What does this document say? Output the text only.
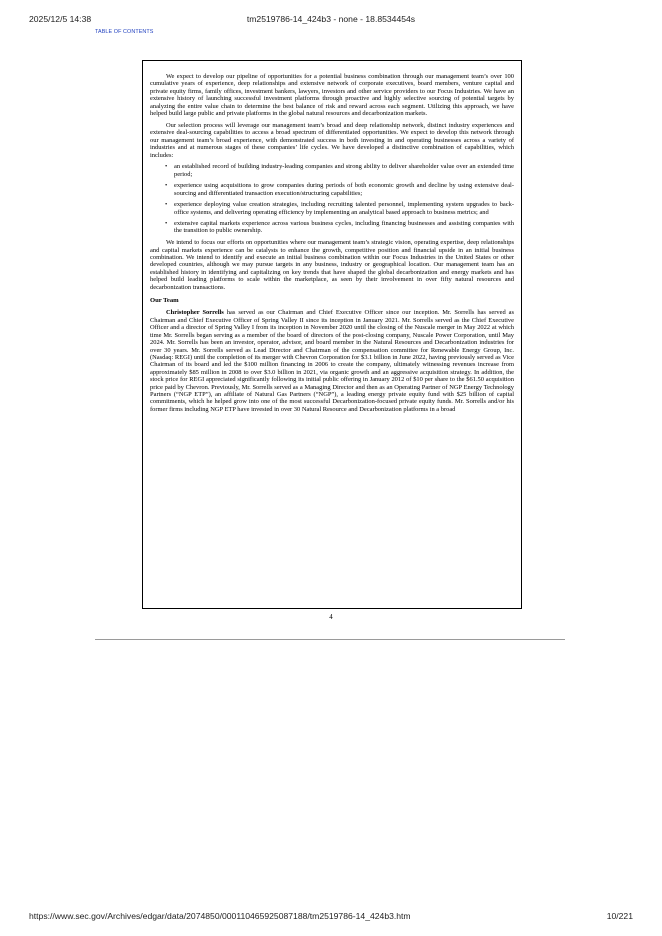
2025/12/5 14:38	tm2519786-14_424b3 - none - 18.8534454s
TABLE OF CONTENTS

We expect to develop our pipeline of opportunities for a potential business combination through our management team’s over 100 cumulative years of experience, deep relationships and extensive network of corporate executives, board members, venture capital and private equity firms, family offices, investment bankers, lawyers, investors and other service providers to our Focus Industries. We have an extensive history of launching successful investment platforms through proactive and highly selective sourcing of potential targets by analyzing the entire value chain to determine the best balance of risk and reward across each segment. Utilizing this approach, we have helped build large public and private platforms in the global natural resources and decarbonization markets.

Our selection process will leverage our management team’s broad and deep relationship network, distinct industry experiences and extensive deal-sourcing capabilities to access a broad spectrum of differentiated opportunities. We expect to develop this network through our management team’s broad experience, with demonstrated success in both investing in and operating businesses across a variety of industries and at numerous stages of these companies’ life cycles. We have developed a distinctive combination of capabilities, which includes:

• an established record of building industry-leading companies and strong ability to deliver shareholder value over an extended time period;
• experience using acquisitions to grow companies during periods of both economic growth and decline by using extensive deal-sourcing and differentiated transaction execution/structuring capabilities;
• experience deploying value creation strategies, including recruiting talented personnel, implementing system upgrades to back-office systems, and delivering operating efficiency by implementing an analytical based approach to business metrics; and
• extensive capital markets experience across various business cycles, including financing businesses and assisting companies with the transition to public ownership.

We intend to focus our efforts on opportunities where our management team’s strategic vision, operating expertise, deep relationships and capital markets experience can be catalysts to enhance the growth, competitive position and financial upside in an initial business combination. We intend to identify and execute an initial business combination within our Focus Industries in the United States or other developed countries, although we may pursue targets in any business, industry or geographical location. Our management team has an established history in identifying and capitalizing on key trends that have shaped the global decarbonization and energy markets and has helped build leading platforms to scale within the marketplace, as seen by their involvement in over fifty natural resources and decarbonization transactions.

Our Team

Christopher Sorrells has served as our Chairman and Chief Executive Officer since our inception. Mr. Sorrells has served as Chairman and Chief Executive Officer of Spring Valley II since its inception in January 2021. Mr. Sorrells served as the Chief Executive Officer and a director of Spring Valley I from its inception in November 2020 until the closing of the Nuscale merger in May 2022 at which time Mr. Sorrells began serving as a member of the board of directors of the post-closing company, Nuscale Power Corporation, until May 2024. Mr. Sorrells has been an investor, operator, advisor, and board member in the Natural Resources and Decarbonization industries for over 30 years. Mr. Sorrells served as Lead Director and Chairman of the compensation committee for Renewable Energy Group, Inc. (Nasdaq: REGI) until the completion of its merger with Chevron Corporation for $3.1 billion in June 2022, having previously served as Vice Chairman of its board and led the $100 million financing in 2006 to create the company, ultimately witnessing revenues increase from approximately $85 million in 2008 to over $3.0 billion in 2021, via organic growth and an aggressive acquisition strategy. In addition, the stock price for REGI appreciated significantly following its initial public offering in January 2012 of $10 per share to the $61.50 acquisition price paid by Chevron. Previously, Mr. Sorrells served as a Managing Director and then as an Operating Partner of NGP Energy Technology Partners (“NGP ETP”), an affiliate of Natural Gas Partners (“NGP”), a leading energy private equity fund with $25 billion of capital commitments, which he helped grow into one of the most successful Decarbonization-focused private equity funds. Mr. Sorrells and/or his former firms including NGP ETP have invested in over 30 Natural Resource and Decarbonization platforms in a broad

4
https://www.sec.gov/Archives/edgar/data/2074850/000110465925087188/tm2519786-14_424b3.htm	10/221
